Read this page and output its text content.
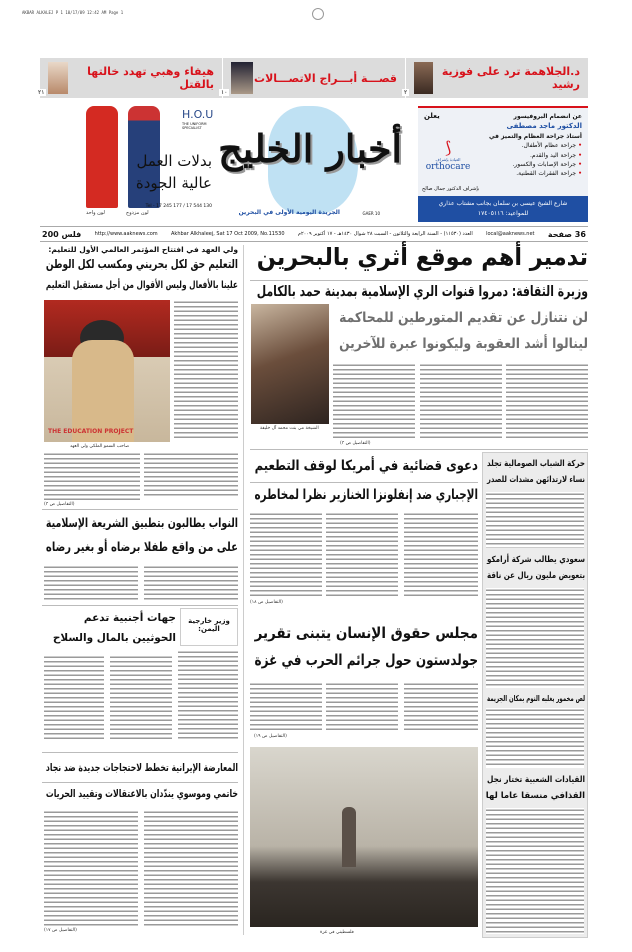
AKBAR ALKALEJ P 1 10/17/09 12:42 AM Page 1
د.الجلاهمة ترد على فوزية رشيد
٢
قصـــة أبـــراج الاتصـــالات
١٠
هيفاء وهبي تهدد خالتها بالقتل
٢١
يعلن
⟆
العيادة بإشراف
orthocare
عن انضمام البروفيسور
الدكتور ماجد مصطفى
أستاذ جراحة العظام والتميز في
• جراحة عظام الأطفال.
• جراحة اليد والقدم.
• جراحة الإصابات والكسور.
• جراحة الفقرات القطنية.
بإشراف الدكتور جمال صالح
شارع الشيخ عيسى بن سلمان بجانب مشتاب عذاري
للمواعيد: ١٧٤٠٥١١٦
أخبار الخليج
الجريدة اليومية الأولى في البحرين	GAER 10
H.O.U
THE UNIFORM SPECIALIST
بدلات العمل
عالية الجودة
Tel - 17 245 177 / 17 544 130
لون مزدوج
لون واحد
200 فلس	http://www.aaknews.com	Akhbar Alkhaleej, Sat 17 Oct 2009, No.11530	العدد (١١٥٣٠) - السنة الرابعة والثلاثون - السبت ٢٨ شوال ١٤٣٠هـ - ١٧ أكتوبر ٢٠٠٩م	local@aaknews.net 36 صفحة
تدمير أهم موقع أثري بالبحرين
وزيرة الثقافة: دمروا قنوات الري الإسلامية بمدينة حمد بالكامل
لن نتنازل عن تقديم المتورطين للمحاكمة
لينالوا أشد العقوبة وليكونوا عبرة للآخرين
الشيخة مي بنت محمد آل خليفة
(التفاصيل ص ٣)
دعوى قضائية في أمريكا لوقف التطعيم
الإجباري ضد إنفلونزا الخنازير نظرا لمخاطره
(التفاصيل ص ١٨)
مجلس حقوق الإنسان يتبنى تقرير
جولدستون حول جرائم الحرب في غزة
(التفاصيل ص ١٩)
فلسطيني في غزة
حركة الشباب الصومالية تجلد
نساء لارتدائهن مشدات للصدر
سعودي يطالب شركة أرامكو
بتعويض مليون ريال عن ناقة
لص مخمور يغلبه النوم بمكان الجريمة
القيادات الشعبية تختار نجل
القذافي منسقا عاما لها
ولي العهد في افتتاح المؤتمر العالمي الأول للتعليم:
التعليم حق لكل بحريني ومكسب لكل الوطن
علينا بالأفعال وليس الأقوال من أجل مستقبل التعليم
THE EDUCATION PROJECT
صاحب السمو الملكي ولي العهد
(التفاصيل ص ٣)
النواب يطالبون بتطبيق الشريعة الإسلامية
على من واقع طفلا برضاه أو بغير رضاه
جهات أجنبية تدعم
الحوثيين بالمال والسلاح
وزير خارجية اليمن:
المعارضة الإيرانية تخطط لاحتجاجات جديدة ضد نجاد
خاتمي وموسوي يندّدان بالاعتقالات وتقييد الحريات
(التفاصيل ص ١٧)
